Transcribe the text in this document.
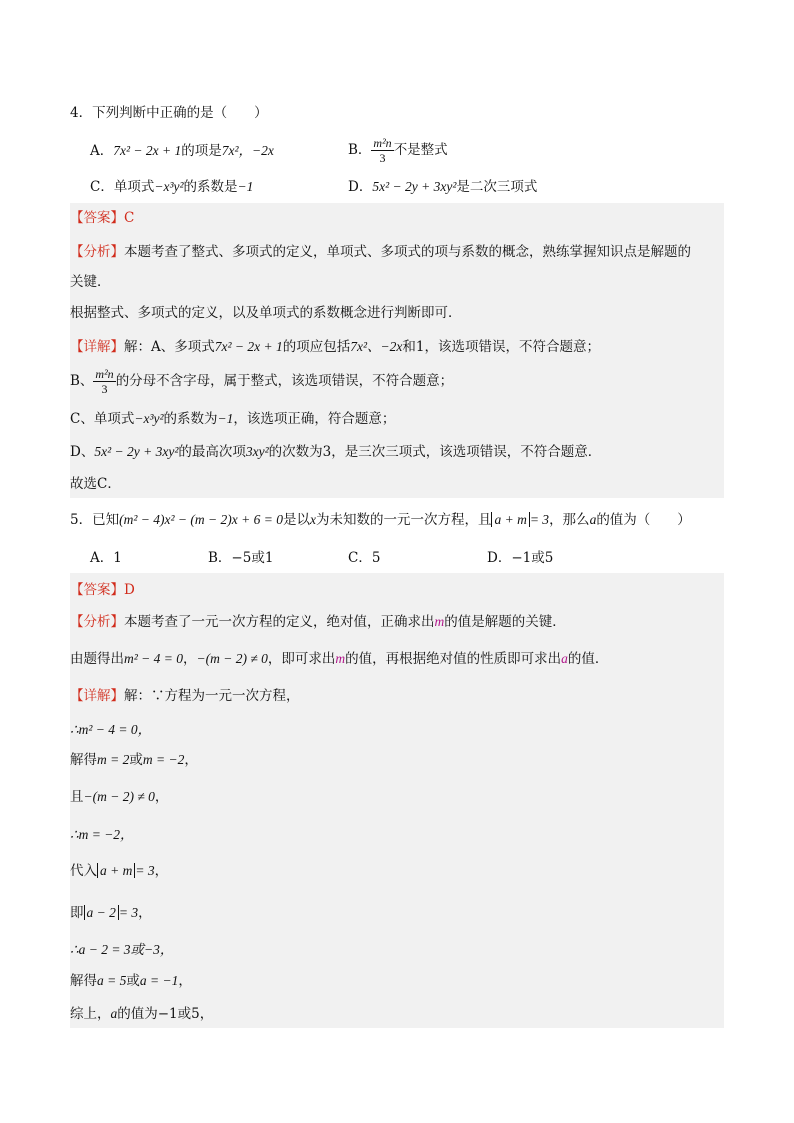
4．下列判断中正确的是（　　）
A．7x² − 2x + 1的项是7x²，−2x	B． $\frac{\text{m²n}}{3}$ 不是整式
C．单项式−x³y²的系数是−1	D．5x² − 2y + 3xy²是二次三项式
【答案】C
【分析】本题考查了整式、多项式的定义，单项式、多项式的项与系数的概念，熟练掌握知识点是解题的
关键．
根据整式、多项式的定义，以及单项式的系数概念进行判断即可．
【详解】解：A、多项式7x² − 2x + 1的项应包括7x²、−2x和1，该选项错误，不符合题意；
B、 $\frac{\text{m²n}}{3}$ 的分母不含字母，属于整式，该选项错误，不符合题意；
C、单项式−x³y²的系数为−1，该选项正确，符合题意；
D、5x² − 2y + 3xy²的最高次项3xy²的次数为3，是三次三项式，该选项错误，不符合题意．
故选C．
5．已知(m² − 4)x² − (m − 2)x + 6 = 0是以x为未知数的一元一次方程，且 a + m = 3，那么a的值为（　　）
A．1	B．−5或1	C．5	D．−1或5
【答案】D
【分析】本题考查了一元一次方程的定义，绝对值，正确求出m的值是解题的关键．
由题得出m² − 4 = 0，−(m − 2) ≠ 0，即可求出m的值，再根据绝对值的性质即可求出a的值．
【详解】解：∵方程为一元一次方程，
∴m² − 4 = 0，
解得m = 2或m = −2，
且−(m − 2) ≠ 0，
∴m = −2，
代入 a + m = 3，
即 a − 2 = 3，
∴a − 2 = 3或−3，
解得a = 5或a = −1，
综上，a的值为−1或5，
